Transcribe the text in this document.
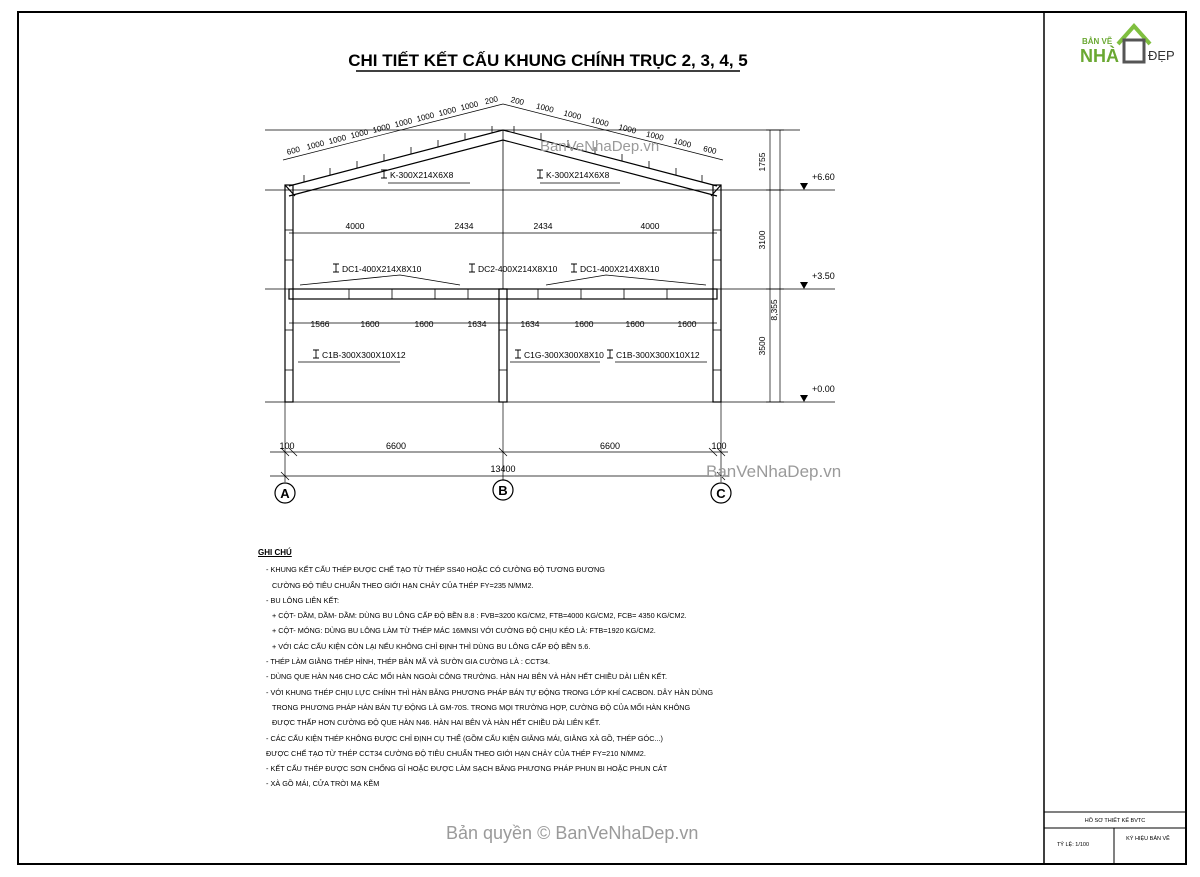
CHI TIẾT KẾT CẤU KHUNG CHÍNH TRỤC 2, 3, 4, 5
600 1000 1000 1000 1000 1000 1000 1000 1000 200 200
1000
1000
1000
1000
1000
1000
600
K-300X214X6X8	K-300X214X6X8
4000	2434	2434	4000
DC1-400X214X8X10	DC2-400X214X8X10	DC1-400X214X8X10
1566	1600	1600	1634	1634	1600	1600	1600
C1B-300X300X10X12	C1G-300X300X8X10 C1B-300X300X10X12
1755
3100
3500
8,355
+6.60
+3.50
+0.00
100	6600	6600	100
13400
A	B	C
HỒ SƠ THIẾT KẾ BVTC
TỶ LỆ: 1/100
KÝ HIỆU BẢN VẼ
BẢN VẼ
NHÀ ĐẸP
BanVeNhaDep.vn
BanVeNhaDep.vn
Bản quyền © BanVeNhaDep.vn
GHI CHÚ
- KHUNG KẾT CẤU THÉP ĐƯỢC CHẾ TẠO TỪ THÉP SS40 HOẶC CÓ CƯỜNG ĐỘ TƯƠNG ĐƯƠNG
CƯỜNG ĐỘ TIÊU CHUẨN THEO GIỚI HẠN CHẢY CỦA THÉP FY=235 N/MM2.
- BU LÔNG LIÊN KẾT:
+ CỘT- DẦM, DẦM- DẦM: DÙNG BU LÔNG CẤP ĐỘ BỀN 8.8 : FVB=3200 KG/CM2, FTB=4000 KG/CM2, FCB= 4350 KG/CM2.
+ CỘT- MÓNG: DÙNG BU LÔNG LÀM TỪ THÉP MÁC 16MNSI VỚI CƯỜNG ĐỘ CHỊU KÉO LÀ: FTB=1920 KG/CM2.
+ VỚI CÁC CẤU KIỆN CÒN LẠI NẾU KHÔNG CHỈ ĐỊNH THÌ DÙNG BU LÔNG CẤP ĐỘ BỀN 5.6.
- THÉP LÀM GIẰNG THÉP HÌNH, THÉP BẢN MÃ VÀ SƯỜN GIA CƯỜNG LÀ : CCT34.
- DÙNG QUE HÀN N46 CHO CÁC MỐI HÀN NGOÀI CÔNG TRƯỜNG. HÀN HAI BÊN VÀ HÀN HẾT CHIỀU DÀI LIÊN KẾT.
- VỚI KHUNG THÉP CHỊU LỰC CHÍNH THÌ HÀN BẰNG PHƯƠNG PHÁP BÁN TỰ ĐỘNG TRONG LỚP KHÍ CACBON. DÂY HÀN DÙNG
TRONG PHƯƠNG PHÁP HÀN BÁN TỰ ĐỘNG LÀ GM-70S. TRONG MỌI TRƯỜNG HỢP, CƯỜNG ĐỘ CỦA MỐI HÀN KHÔNG
ĐƯỢC THẤP HƠN CƯỜNG ĐỘ QUE HÀN N46. HÀN HAI BÊN VÀ HÀN HẾT CHIỀU DÀI LIÊN KẾT.
- CÁC CẤU KIỆN THÉP KHÔNG ĐƯỢC CHỈ ĐỊNH CỤ THỂ (GỒM CẤU KIỆN GIẰNG MÁI, GIẰNG XÀ GỒ, THÉP GÓC...)
ĐƯỢC CHẾ TẠO TỪ THÉP CCT34 CƯỜNG ĐỘ TIÊU CHUẨN THEO GIỚI HẠN CHẢY CỦA THÉP FY=210 N/MM2.
- KẾT CẤU THÉP ĐƯỢC SƠN CHỐNG GỈ HOẶC ĐƯỢC LÀM SẠCH BẰNG PHƯƠNG PHÁP PHUN BI HOẶC PHUN CÁT
- XÀ GỒ MÁI, CỬA TRỜI MẠ KẼM
